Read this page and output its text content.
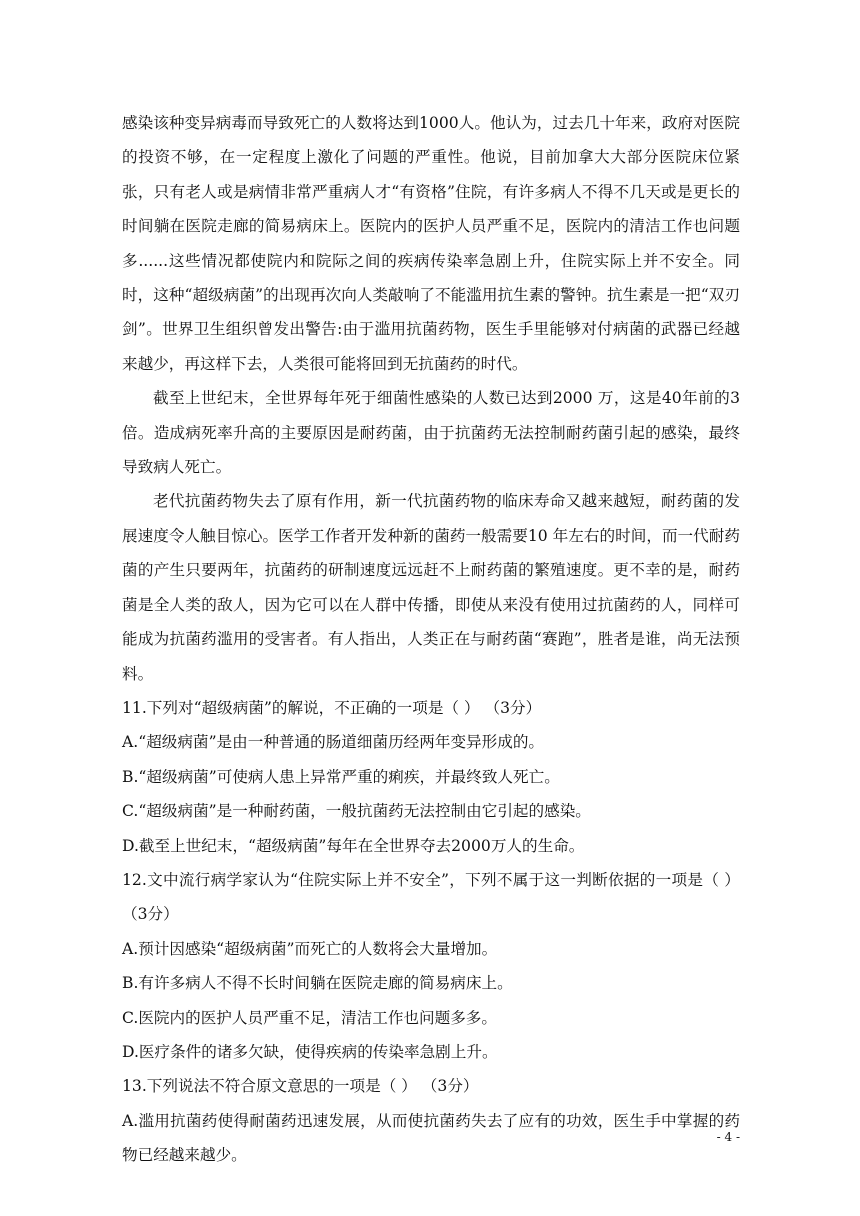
感染该种变异病毒而导致死亡的人数将达到1000人。他认为，过去几十年来，政府对医院的投资不够，在一定程度上激化了问题的严重性。他说，目前加拿大大部分医院床位紧张，只有老人或是病情非常严重病人才“有资格”住院，有许多病人不得不几天或是更长的时间躺在医院走廊的简易病床上。医院内的医护人员严重不足，医院内的清洁工作也问题多......这些情况都使院内和院际之间的疾病传染率急剧上升，住院实际上并不安全。同时，这种“超级病菌”的出现再次向人类敲响了不能滥用抗生素的警钟。抗生素是一把“双刃剑”。世界卫生组织曾发出警告:由于滥用抗菌药物，医生手里能够对付病菌的武器已经越来越少，再这样下去，人类很可能将回到无抗菌药的时代。

截至上世纪末，全世界每年死于细菌性感染的人数已达到2000 万，这是40年前的3倍。造成病死率升高的主要原因是耐药菌，由于抗菌药无法控制耐药菌引起的感染，最终导致病人死亡。

老代抗菌药物失去了原有作用，新一代抗菌药物的临床寿命又越来越短，耐药菌的发展速度令人触目惊心。医学工作者开发种新的菌药一般需要10 年左右的时间，而一代耐药菌的产生只要两年，抗菌药的研制速度远远赶不上耐药菌的繁殖速度。更不幸的是，耐药菌是全人类的敌人，因为它可以在人群中传播，即使从来没有使用过抗菌药的人，同样可能成为抗菌药滥用的受害者。有人指出，人类正在与耐药菌“赛跑”，胜者是谁，尚无法预料。

11.下列对“超级病菌”的解说，不正确的一项是（ ） （3分）

A.“超级病菌”是由一种普通的肠道细菌历经两年变异形成的。

B.“超级病菌”可使病人患上异常严重的痢疾，并最终致人死亡。

C.“超级病菌”是一种耐药菌，一般抗菌药无法控制由它引起的感染。

D.截至上世纪末，“超级病菌”每年在全世界夺去2000万人的生命。

12.文中流行病学家认为“住院实际上并不安全”，下列不属于这一判断依据的一项是（ ）（3分）

A.预计因感染“超级病菌”而死亡的人数将会大量增加。

B.有许多病人不得不长时间躺在医院走廊的简易病床上。

C.医院内的医护人员严重不足，清洁工作也问题多多。

D.医疗条件的诸多欠缺，使得疾病的传染率急剧上升。

13.下列说法不符合原文意思的一项是（ ） （3分）

A.滥用抗菌药使得耐菌药迅速发展，从而使抗菌药失去了应有的功效，医生手中掌握的药物已经越来越少。

- 4 -
